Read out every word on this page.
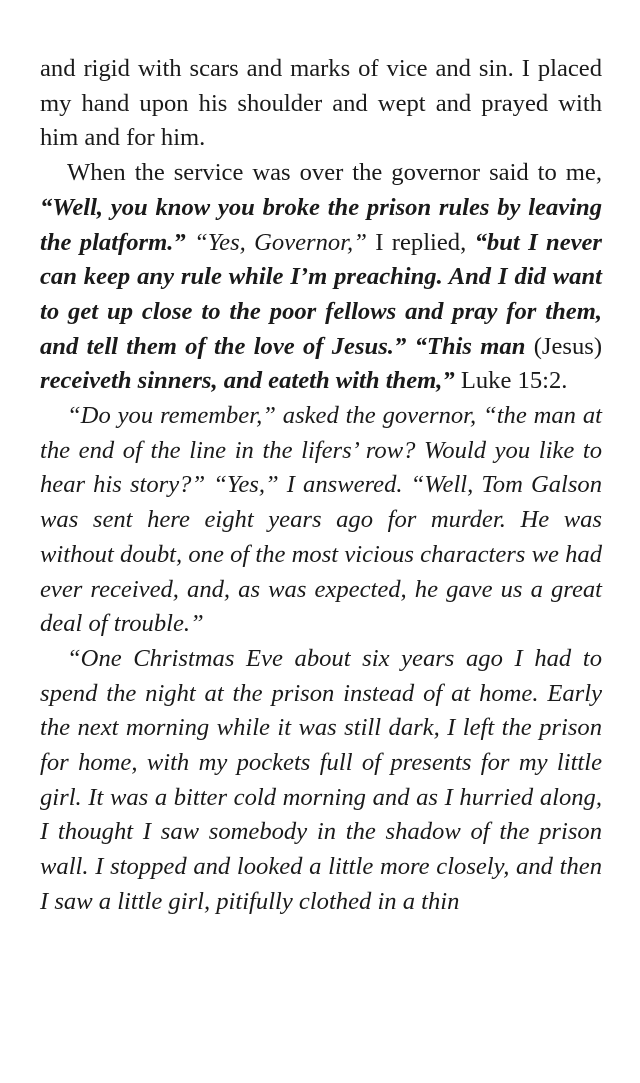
and rigid with scars and marks of vice and sin. I placed my hand upon his shoulder and wept and prayed with him and for him.

When the service was over the governor said to me, “Well, you know you broke the prison rules by leaving the platform.” “Yes, Governor,” I replied, “but I never can keep any rule while I’m preaching. And I did want to get up close to the poor fellows and pray for them, and tell them of the love of Jesus.” “This man (Jesus) receiveth sinners, and eateth with them,” Luke 15:2.

“Do you remember,” asked the governor, “the man at the end of the line in the lifers’ row? Would you like to hear his story?” “Yes,” I answered. “Well, Tom Galson was sent here eight years ago for murder. He was without doubt, one of the most vicious characters we had ever received, and, as was expected, he gave us a great deal of trouble.”

“One Christmas Eve about six years ago I had to spend the night at the prison instead of at home. Early the next morning while it was still dark, I left the prison for home, with my pockets full of presents for my little girl. It was a bitter cold morning and as I hurried along, I thought I saw somebody in the shadow of the prison wall. I stopped and looked a little more closely, and then I saw a little girl, pitifully clothed in a thin
